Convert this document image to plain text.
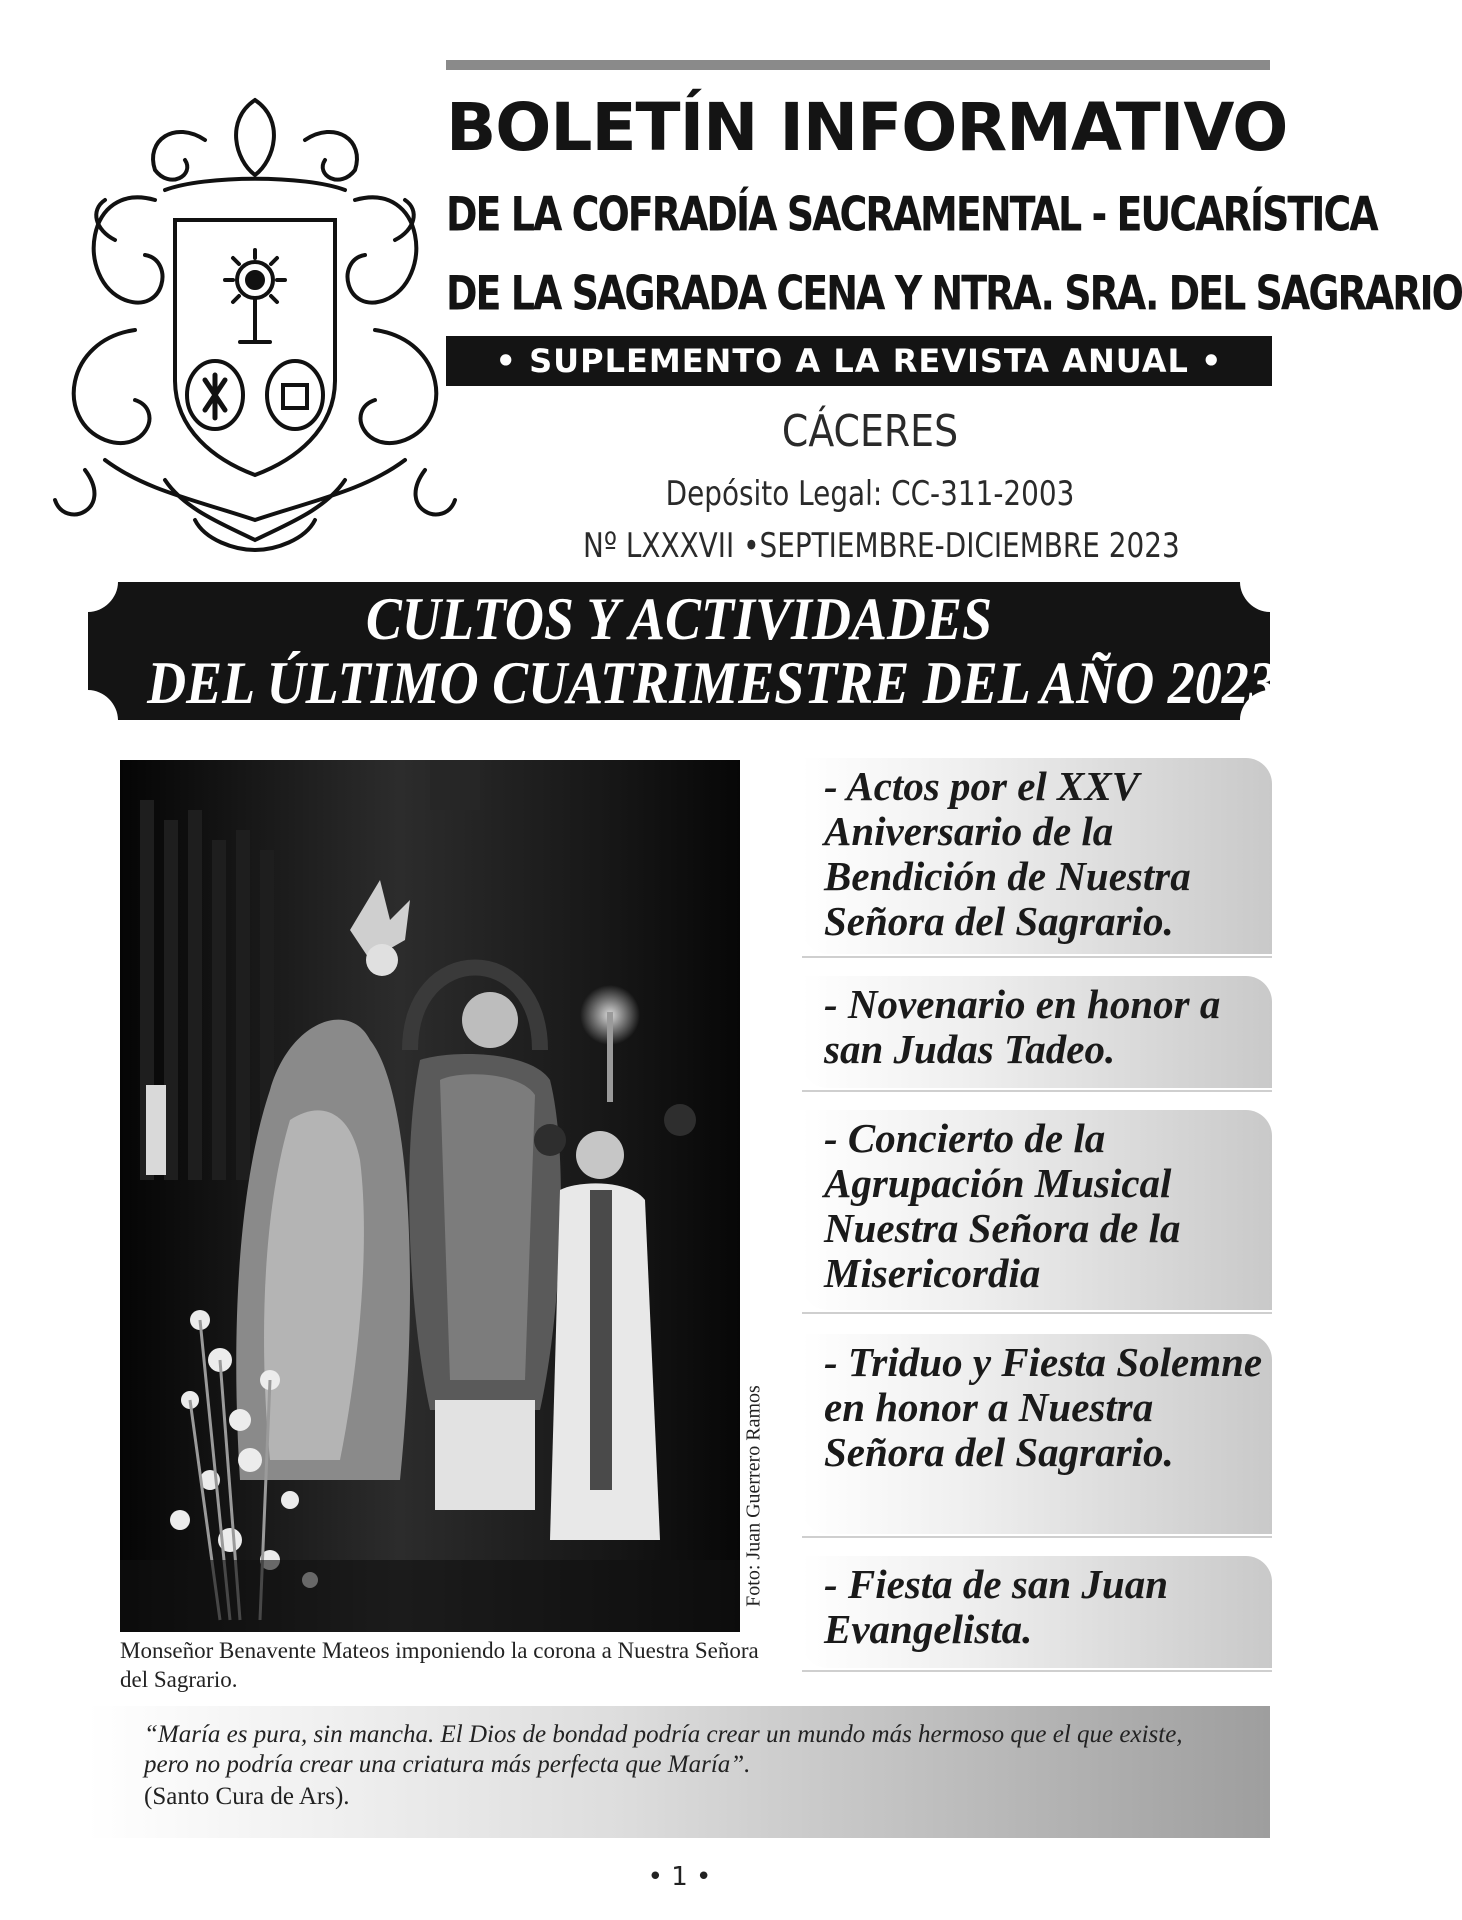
BOLETÍN INFORMATIVO
DE LA COFRADÍA SACRAMENTAL - EUCARÍSTICA
DE LA SAGRADA CENA Y NTRA. SRA. DEL SAGRARIO
• SUPLEMENTO A LA REVISTA ANUAL •
CÁCERES
Depósito Legal: CC-311-2003
Nº LXXXVII •SEPTIEMBRE-DICIEMBRE 2023
CULTOS Y ACTIVIDADES
DEL ÚLTIMO CUATRIMESTRE DEL AÑO 2023
Foto: Juan Guerrero Ramos

Monseñor Benavente Mateos imponiendo la corona a Nuestra Señora del Sagrario.

- Actos por el XXV Aniversario de la Bendición de Nuestra Señora del Sagrario.

- Novenario en honor a san Judas Tadeo.

- Concierto de la Agrupación Musical Nuestra Señora de la Misericordia

- Triduo y Fiesta Solemne en honor a Nuestra Señora del Sagrario.

- Fiesta de san Juan Evangelista.

“María es pura, sin mancha. El Dios de bondad podría crear un mundo más hermoso que el que existe, pero no podría crear una criatura más perfecta que María”.

(Santo Cura de Ars).

• 1 •
